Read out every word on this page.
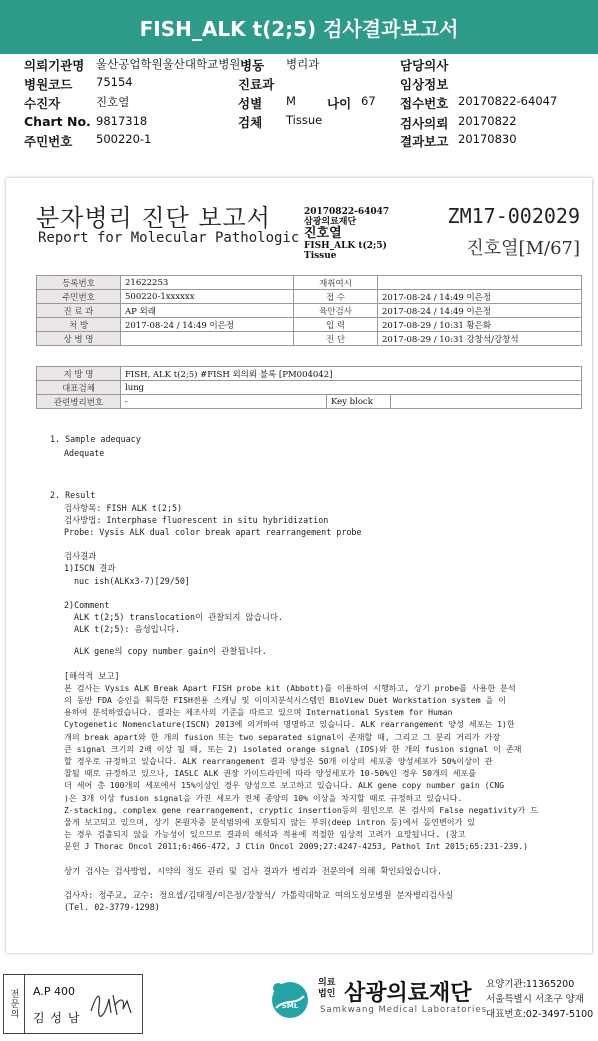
FISH_ALK t(2;5) 검사결과보고서
의뢰기관명 울산공업학원울산대학교병원 병동 병리과	담당의사
병원코드 75154	진료과	임상정보
수진자	진호열	성별 M 나이 67 접수번호 20170822-64047
Chart No. 9817318	검체 Tissue	검사의뢰 20170822
주민번호 500220-1	결과보고 20170830
분자병리 진단 보고서
Report for Molecular Pathologic
20170822-64047
삼광의료재단
진호열
FISH_ALK t(2;5)
Tissue
ZM17-002029
진호열[M/67]
등록번호	21622253	재취여시	
주민번호	500220-1xxxxxx	접 수	2017-08-24 / 14:49 이은정
진 료 과	AP 외래	육안검사	2017-08-24 / 14:49 이은정
처 방	2017-08-24 / 14:49 이은정	입 력	2017-08-29 / 10:31 황은화
상 병 명		진 단	2017-08-29 / 10:31 강창석/강창석
지 방 명	FISH, ALK t(2;5) #FISH 외의뢰 불록 [PM004042]		
대표검체	lung		
관련병리번호	-	Key block	
1. Sample adequacy
Adequate
2. Result
검사항목: FISH ALK t(2;5)
검사방법: Interphase fluorescent in situ hybridization
Probe: Vysis ALK dual color break apart rearrangement probe
검사결과
1)ISCN 결과
nuc ish(ALKx3-7)[29/50]
2)Comment
ALK t(2;5) translocation이 관찰되지 않습니다.
ALK t(2;5): 음성입니다.
ALK gene의 copy number gain이 관찰됩니다.
[해석적 보고]
본 검사는 Vysis ALK Break Apart FISH probe kit (Abbott)를 이용하여 시행하고, 상기 probe를 사용한 분석
의 동반 FDA 승인을 획득한 FISH전용 스캐닝 및 이미지분석시스템인 BioView Duet Workstation system 을 이
용하여 분석하였습니다. 결과는 제조사의 기준을 따르고 있으며 International System for Human
Cytogenetic Nomenclature(ISCN) 2013에 의거하여 명명하고 있습니다. ALK rearrangement 양성 세포는 1)한
개의 break apart와 한 개의 fusion 또는 two separated signal이 존재할 때, 그리고 그 분리 거리가 가장
큰 signal 크기의 2배 이상 될 때, 또는 2) isolated orange signal (IOS)와 한 개의 fusion signal 이 존재
할 경우로 규정하고 있습니다. ALK rearrangement 결과 양성은 50개 이상의 세포중 양성세포가 50%이상이 관
찰될 때로 규정하고 있으나, IASLC ALK 권장 가이드라인에 따라 양성세포가 10-50%인 경우 50개의 세포를
더 세어 총 100개의 세포에서 15%이상인 경우 양성으로 보고하고 있습니다. ALK gene copy number gain (CNG
)은 3개 이상 fusion signal을 가진 세포가 전체 종양의 10% 이상을 차지할 때로 규정하고 있습니다.
Z-stacking, complex gene rearrangement, cryptic insertion등의 원인으로 본 검사의 False negativity가 드
물게 보고되고 있으며, 상기 본원자중 분석범위에 포함되지 않는 부위(deep intron 등)에서 돌연변이가 있
는 경우 검출되지 않을 가능성이 있으므로 결과의 해석과 적용에 적절한 임상적 고려가 요망됩니다. (참고
문헌 J Thorac Oncol 2011;6:466-472, J Clin Oncol 2009;27:4247-4253, Pathol Int 2015;65:231-239.)
상기 검사는 검사방법, 시약의 정도 관리 및 검사 결과가 병리과 전문의에 의해 확인되었습니다.
검사자: 정주교, 교수: 정요셉/김태정/이은정/강창석/ 가톨릭대학교 여의도성모병원 분자병리검사실
(Tel. 02-3779-1298)
전문의	A.P 400
김 성 남
SML
의료
법인 삼광의료재단
Samkwang Medical Laboratories
요양기관:11365200
서울특별시 서초구 양재
대표번호:02-3497-5100
